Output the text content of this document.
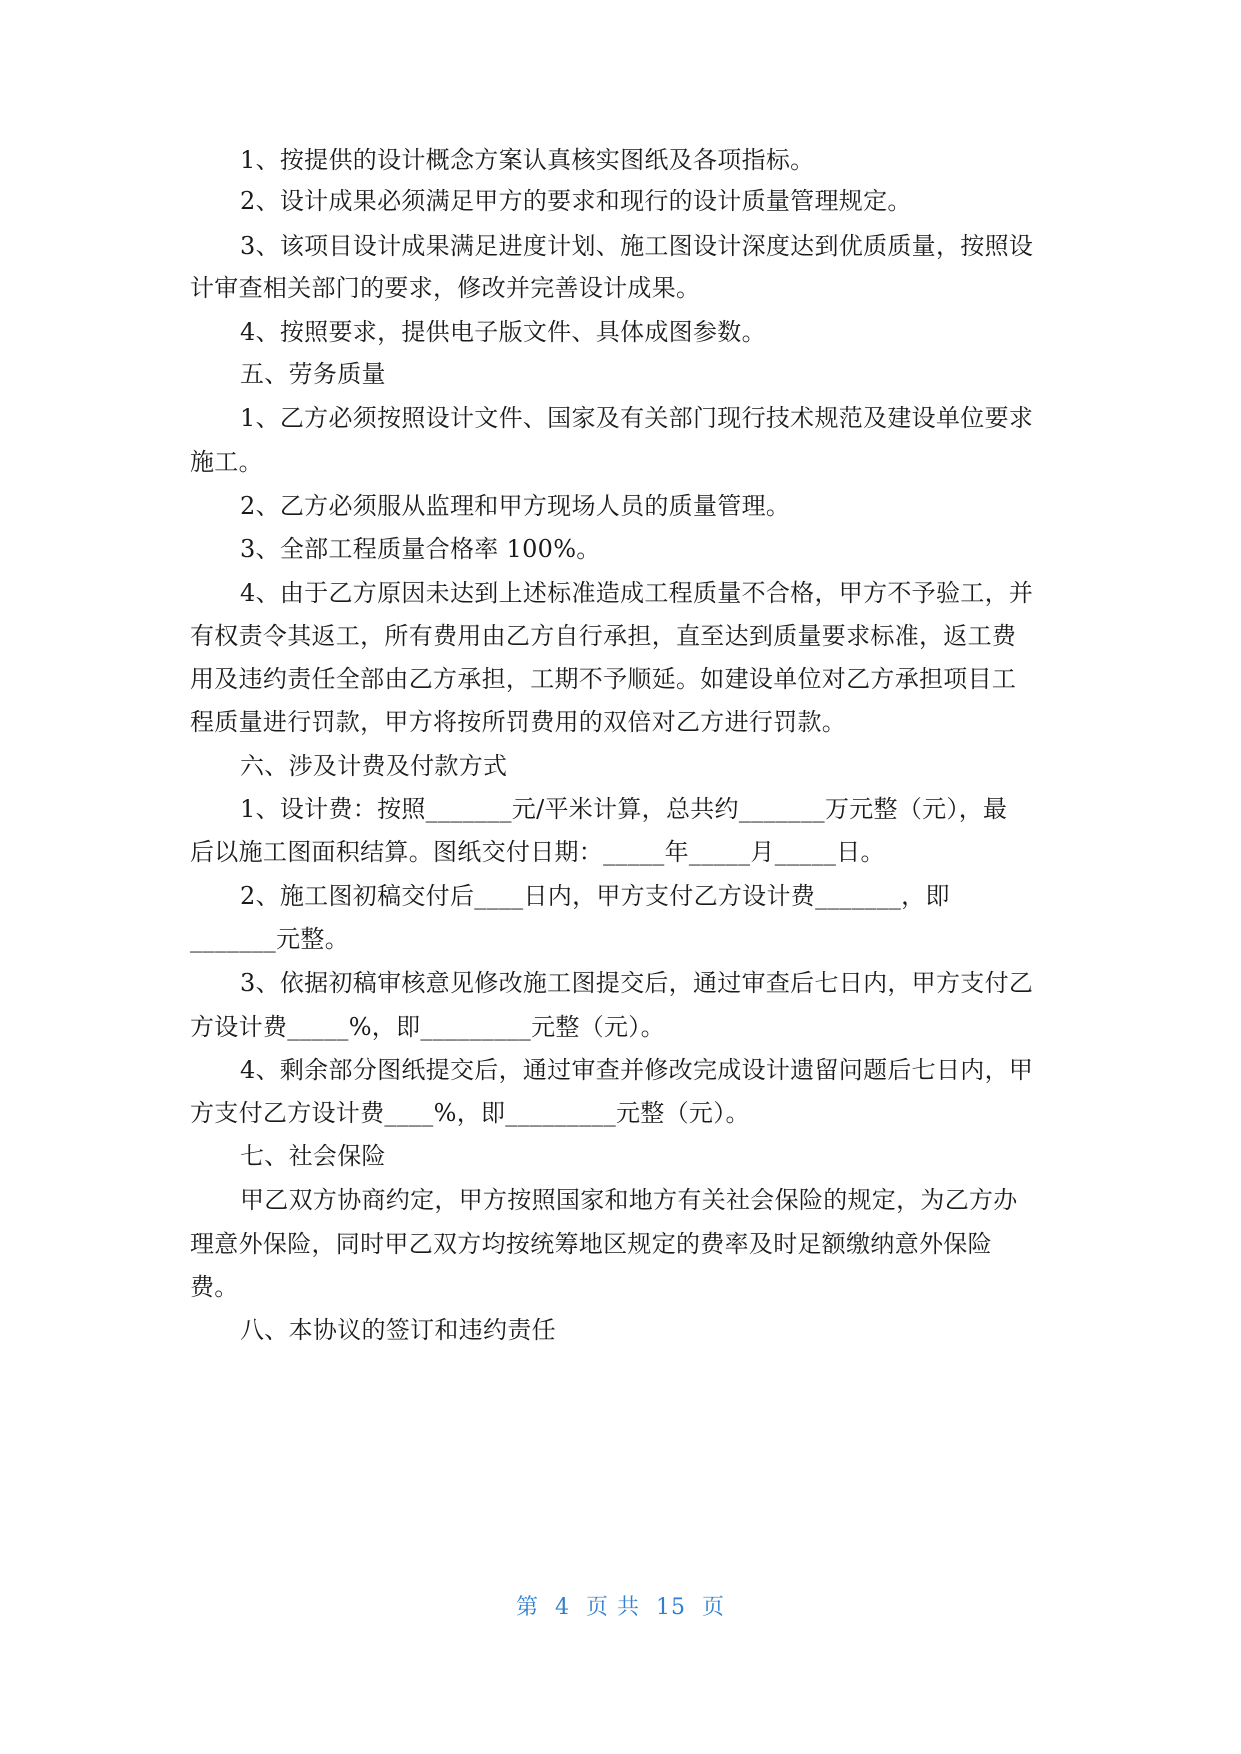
1、按提供的设计概念方案认真核实图纸及各项指标。
2、设计成果必须满足甲方的要求和现行的设计质量管理规定。
3、该项目设计成果满足进度计划、施工图设计深度达到优质质量，按照设
计审查相关部门的要求，修改并完善设计成果。
4、按照要求，提供电子版文件、具体成图参数。
五、劳务质量
1、乙方必须按照设计文件、国家及有关部门现行技术规范及建设单位要求
施工。
2、乙方必须服从监理和甲方现场人员的质量管理。
3、全部工程质量合格率 100%。
4、由于乙方原因未达到上述标准造成工程质量不合格，甲方不予验工，并
有权责令其返工，所有费用由乙方自行承担，直至达到质量要求标准，返工费
用及违约责任全部由乙方承担，工期不予顺延。如建设单位对乙方承担项目工
程质量进行罚款，甲方将按所罚费用的双倍对乙方进行罚款。
六、涉及计费及付款方式
1、设计费：按照_______元/平米计算，总共约_______万元整（元），最
后以施工图面积结算。图纸交付日期：_____年_____月_____日。
2、施工图初稿交付后____日内，甲方支付乙方设计费_______，即
_______元整。
3、依据初稿审核意见修改施工图提交后，通过审查后七日内，甲方支付乙
方设计费_____%，即_________元整（元）。
4、剩余部分图纸提交后，通过审查并修改完成设计遗留问题后七日内，甲
方支付乙方设计费____%，即_________元整（元）。
七、社会保险
甲乙双方协商约定，甲方按照国家和地方有关社会保险的规定，为乙方办
理意外保险，同时甲乙双方均按统筹地区规定的费率及时足额缴纳意外保险
费。
八、本协议的签订和违约责任
第  4  页 共  15  页
